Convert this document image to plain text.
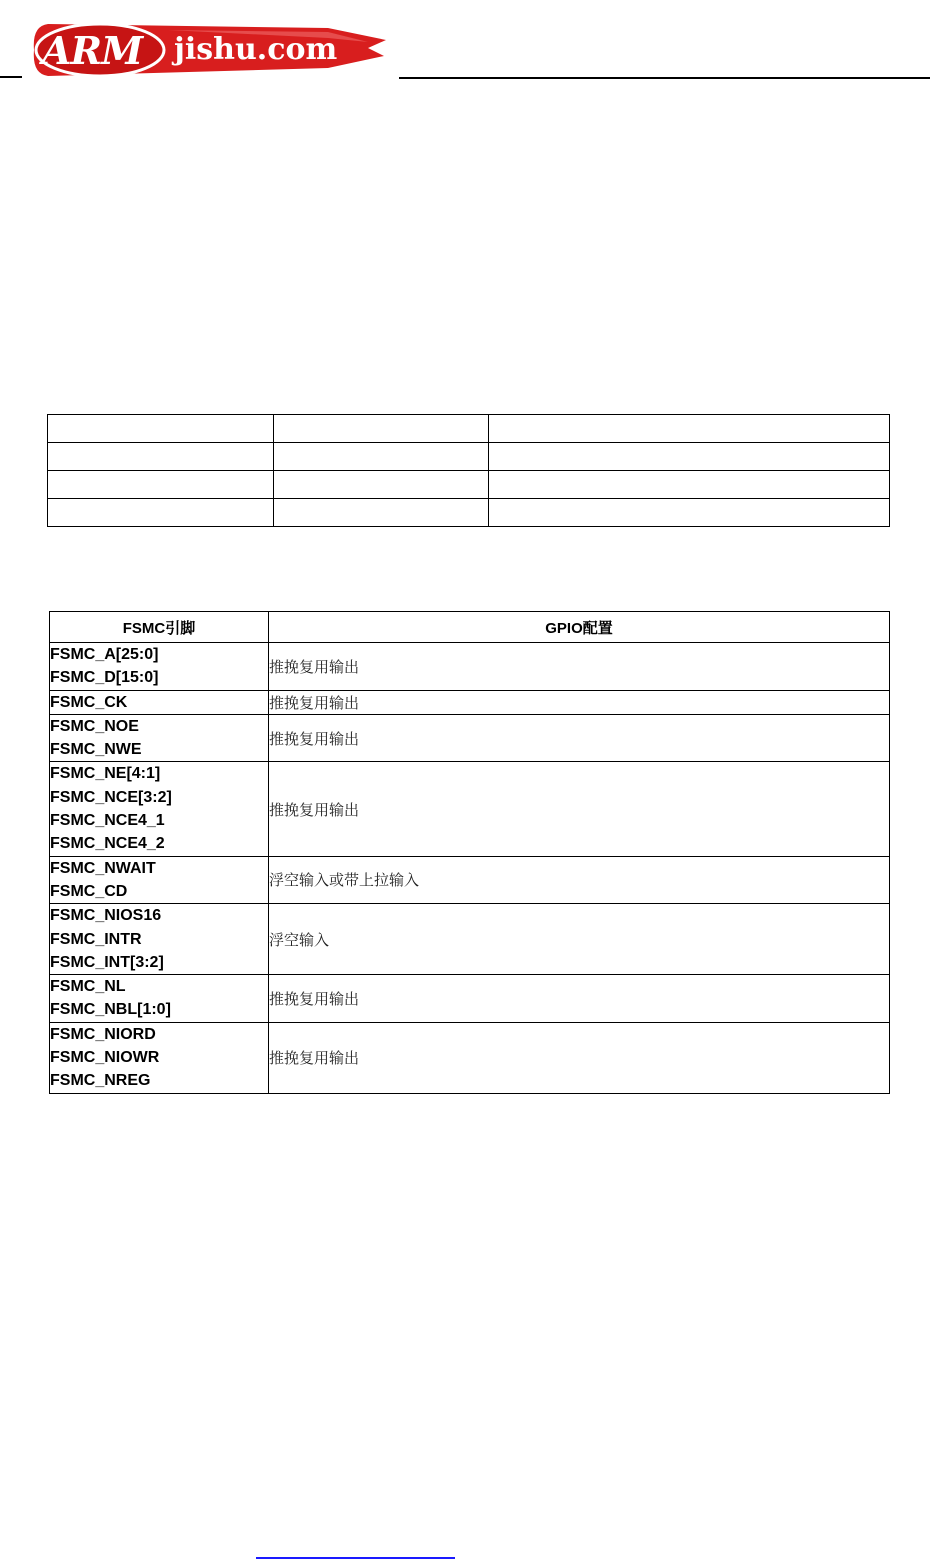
ARM jishu.com

FSMC引脚	GPIO配置

FSMC_A[25:0]
FSMC_D[15:0]	推挽复用输出

FSMC_CK	推挽复用输出

FSMC_NOE
FSMC_NWE	推挽复用输出

FSMC_NE[4:1]
FSMC_NCE[3:2]
FSMC_NCE4_1
FSMC_NCE4_2	推挽复用输出

FSMC_NWAIT
FSMC_CD	浮空输入或带上拉输入

FSMC_NIOS16
FSMC_INTR
FSMC_INT[3:2]	浮空输入

FSMC_NL
FSMC_NBL[1:0]	推挽复用输出

FSMC_NIORD
FSMC_NIOWR
FSMC_NREG	推挽复用输出
